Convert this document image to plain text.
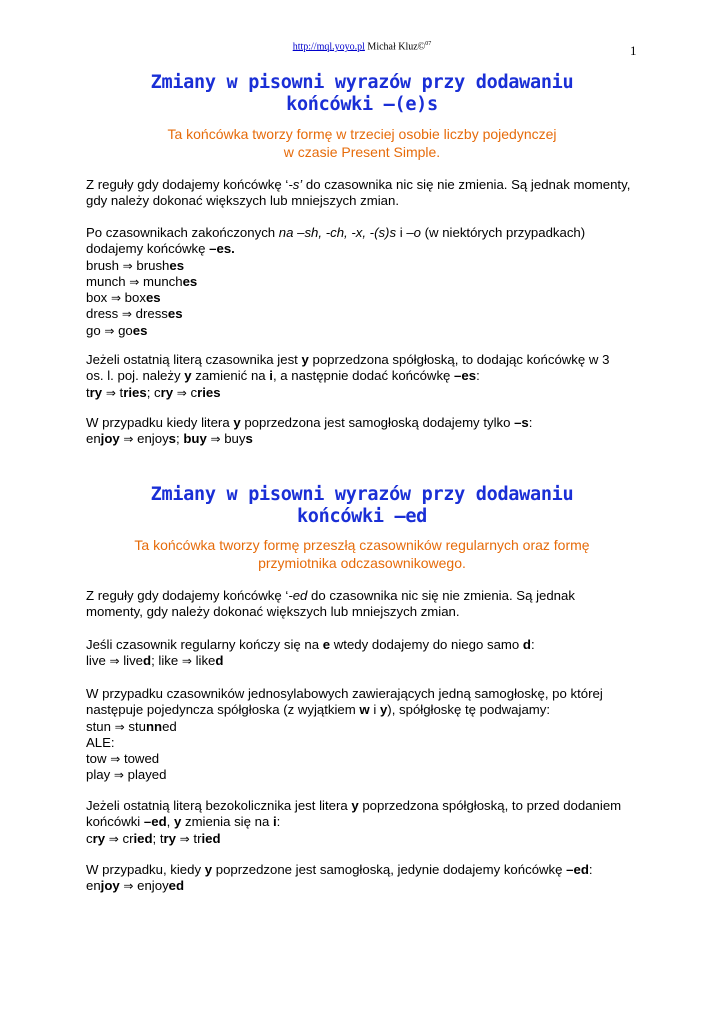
http://mql.yoyo.pl Michał Kluz©$^{07}$	1
Zmiany w pisowni wyrazów przy dodawaniu
końcówki –(e)s
Ta końcówka tworzy formę w trzeciej osobie liczby pojedynczej
w czasie Present Simple.
Z reguły gdy dodajemy końcówkę ‘-s’ do czasownika nic się nie zmienia. Są jednak momenty,
gdy należy dokonać większych lub mniejszych zmian.
Po czasownikach zakończonych na –sh, -ch, -x, -(s)s i –o (w niektórych przypadkach)
dodajemy końcówkę –es.
brush ⇒ brushes
munch ⇒ munches
box ⇒ boxes
dress ⇒ dresses
go ⇒ goes
Jeżeli ostatnią literą czasownika jest y poprzedzona spółgłoską, to dodając końcówkę w 3
os. l. poj. należy y zamienić na i, a następnie dodać końcówkę –es:
try ⇒ tries; cry ⇒ cries
W przypadku kiedy litera y poprzedzona jest samogłoską dodajemy tylko –s:
enjoy ⇒ enjoys; buy ⇒ buys
Zmiany w pisowni wyrazów przy dodawaniu
końcówki –ed
Ta końcówka tworzy formę przeszłą czasowników regularnych oraz formę
przymiotnika odczasownikowego.
Z reguły gdy dodajemy końcówkę ‘-ed do czasownika nic się nie zmienia. Są jednak
momenty, gdy należy dokonać większych lub mniejszych zmian.
Jeśli czasownik regularny kończy się na e wtedy dodajemy do niego samo d:
live ⇒ lived; like ⇒ liked
W przypadku czasowników jednosylabowych zawierających jedną samogłoskę, po której
następuje pojedyncza spółgłoska (z wyjątkiem w i y), spółgłoskę tę podwajamy:
stun ⇒ stunned
ALE:
tow ⇒ towed
play ⇒ played
Jeżeli ostatnią literą bezokolicznika jest litera y poprzedzona spółgłoską, to przed dodaniem
końcówki –ed, y zmienia się na i:
cry ⇒ cried; try ⇒ tried
W przypadku, kiedy y poprzedzone jest samogłoską, jedynie dodajemy końcówkę –ed:
enjoy ⇒ enjoyed
